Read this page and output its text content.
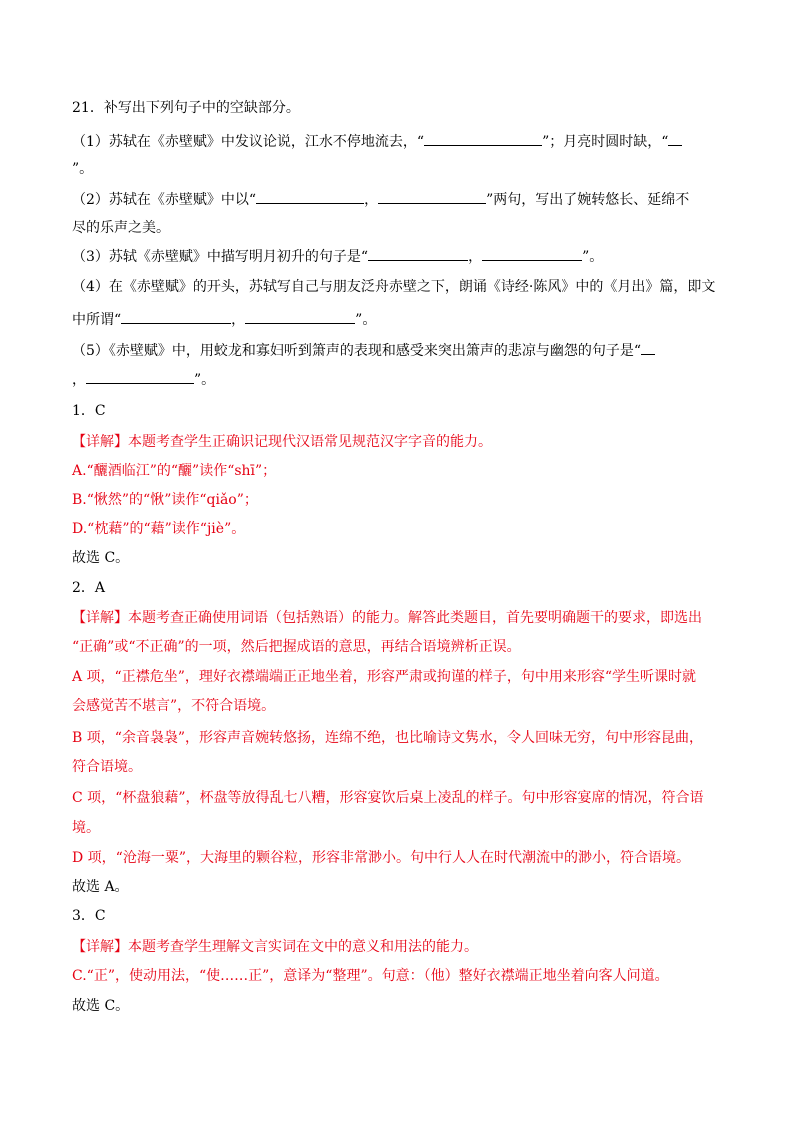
21．补写出下列句子中的空缺部分。
（1）苏轼在《赤壁赋》中发议论说，江水不停地流去，“	”；月亮时圆时缺，“
”。
（2）苏轼在《赤壁赋》中以“	，	”两句，写出了婉转悠长、延绵不
尽的乐声之美。
（3）苏轼《赤壁赋》中描写明月初升的句子是“	，	”。
（4）在《赤壁赋》的开头，苏轼写自己与朋友泛舟赤壁之下，朗诵《诗经·陈风》中的《月出》篇，即文
中所谓“	，	”。
（5）《赤壁赋》中，用蛟龙和寡妇听到箫声的表现和感受来突出箫声的悲凉与幽怨的句子是“
，	”。
1．C
【详解】本题考查学生正确识记现代汉语常见规范汉字字音的能力。
A.“釃酒临江”的“釃”读作“shī”；
B.“愀然”的“愀”读作“qiǎo”；
D.“枕藉”的“藉”读作“jiè”。
故选 C。
2．A
【详解】本题考查正确使用词语（包括熟语）的能力。解答此类题目，首先要明确题干的要求，即选出
“正确”或“不正确”的一项，然后把握成语的意思，再结合语境辨析正误。
A 项，“正襟危坐”，理好衣襟端端正正地坐着，形容严肃或拘谨的样子，句中用来形容“学生听课时就
会感觉苦不堪言”，不符合语境。
B 项，“余音袅袅”，形容声音婉转悠扬，连绵不绝，也比喻诗文隽水，令人回味无穷，句中形容昆曲，
符合语境。
C 项，“杯盘狼藉”，杯盘等放得乱七八糟，形容宴饮后桌上凌乱的样子。句中形容宴席的情况，符合语
境。
D 项，“沧海一粟”，大海里的颗谷粒，形容非常渺小。句中行人人在时代潮流中的渺小，符合语境。
故选 A。
3．C
【详解】本题考查学生理解文言实词在文中的意义和用法的能力。
C.“正”，使动用法，“使……正”，意译为“整理”。句意：（他）整好衣襟端正地坐着向客人问道。
故选 C。
